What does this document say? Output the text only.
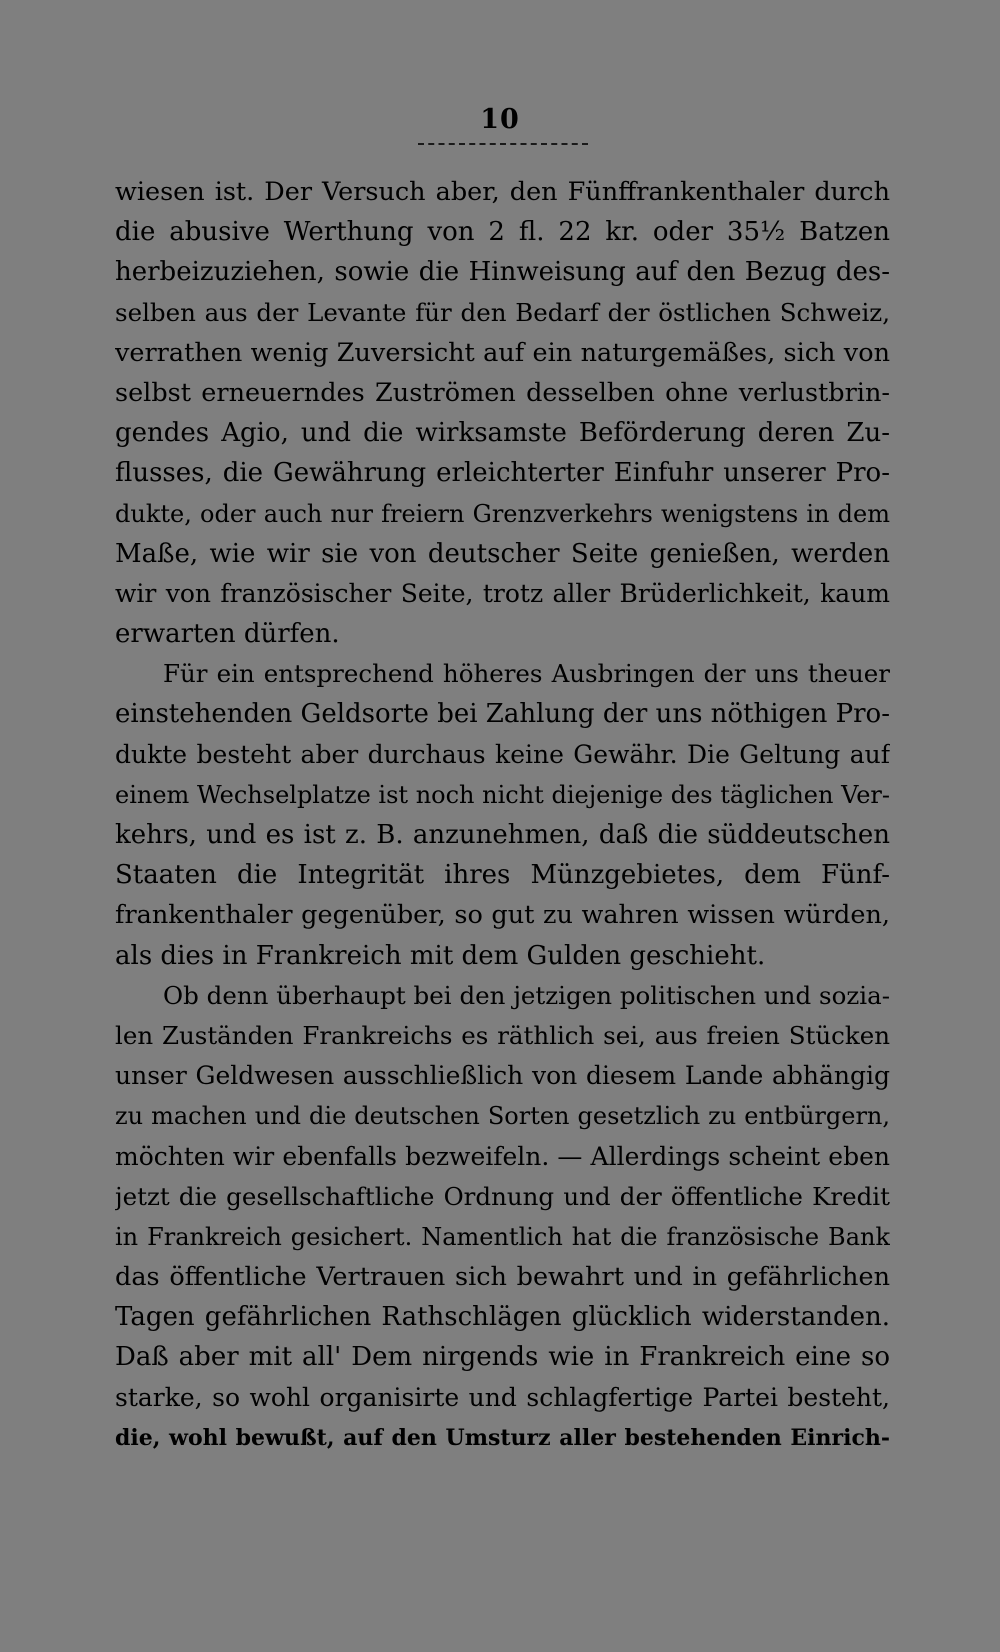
10
wiesen ist. Der Versuch aber, den Fünffrankenthaler durch
die abusive Werthung von 2 fl. 22 kr. oder 35½ Batzen
herbeizuziehen, sowie die Hinweisung auf den Bezug des-
selben aus der Levante für den Bedarf der östlichen Schweiz,
verrathen wenig Zuversicht auf ein naturgemäßes, sich von
selbst erneuerndes Zuströmen desselben ohne verlustbrin-
gendes Agio, und die wirksamste Beförderung deren Zu-
flusses, die Gewährung erleichterter Einfuhr unserer Pro-
dukte, oder auch nur freiern Grenzverkehrs wenigstens in dem
Maße, wie wir sie von deutscher Seite genießen, werden
wir von französischer Seite, trotz aller Brüderlichkeit, kaum
erwarten dürfen.
Für ein entsprechend höheres Ausbringen der uns theuer
einstehenden Geldsorte bei Zahlung der uns nöthigen Pro-
dukte besteht aber durchaus keine Gewähr. Die Geltung auf
einem Wechselplatze ist noch nicht diejenige des täglichen Ver-
kehrs, und es ist z. B. anzunehmen, daß die süddeutschen
Staaten die Integrität ihres Münzgebietes, dem Fünf-
frankenthaler gegenüber, so gut zu wahren wissen würden,
als dies in Frankreich mit dem Gulden geschieht.
Ob denn überhaupt bei den jetzigen politischen und sozia-
len Zuständen Frankreichs es räthlich sei, aus freien Stücken
unser Geldwesen ausschließlich von diesem Lande abhängig
zu machen und die deutschen Sorten gesetzlich zu entbürgern,
möchten wir ebenfalls bezweifeln. — Allerdings scheint eben
jetzt die gesellschaftliche Ordnung und der öffentliche Kredit
in Frankreich gesichert. Namentlich hat die französische Bank
das öffentliche Vertrauen sich bewahrt und in gefährlichen
Tagen gefährlichen Rathschlägen glücklich widerstanden.
Daß aber mit all' Dem nirgends wie in Frankreich eine so
starke, so wohl organisirte und schlagfertige Partei besteht,
die, wohl bewußt, auf den Umsturz aller bestehenden Einrich-
